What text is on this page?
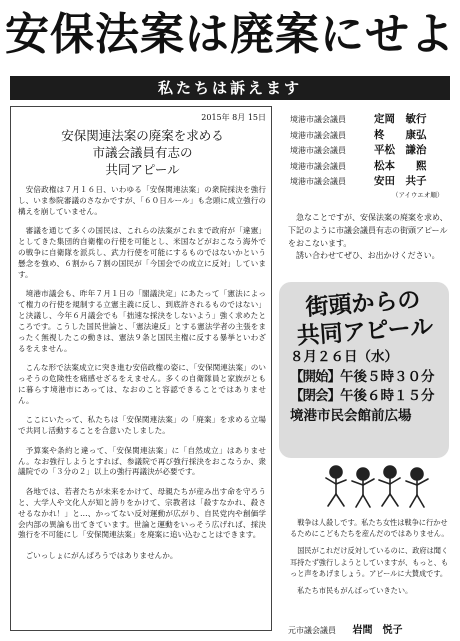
安保法案は廃案にせよ
私たちは訴えます
2015年 8月 15日
安保関連法案の廃案を求める
市議会議員有志の
共同アピール

安倍政権は７月１６日、いわゆる「安保関連法案」の衆院採決を強行し、いま参院審議のさなかですが、「６０日ルール」も念頭に成立強行の構えを崩していません。

審議を通じて多くの国民は、これらの法案がこれまで政府が「違憲」としてきた集団的自衛権の行使を可能とし、米国などがおこなう海外での戦争に自衛隊を派兵し、武力行使を可能にするものではないかという懸念を強め、６割から７割の国民が「今国会での成立に反対」しています。

境港市議会も、昨年７月１日の「閣議決定」にあたって「憲法によって権力の行使を規制する立憲主義に反し、到底許されるものではない」と決議し、今年６月議会でも「拙速な採決をしないよう」強く求めたところです。こうした国民世論と、「憲法違反」とする憲法学者の主張をまったく無視したこの動きは、憲法９条と国民主権に反する暴挙といわざるをえません。

こんな形で法案成立に突き進む安倍政権の姿に、「安保関連法案」のいっそうの危険性を痛感せざるをえません。多くの自衛隊員と家族がともに暮らす境港市にあっては、なおのこと容認できることではありません。

ここにいたって、私たちは「安保関連法案」の「廃案」を求める立場で共同し活動することを合意いたしました。

予算案や条約と違って、「安保関連法案」に「自然成立」はありません。なお強行しようとすれば、参議院で再び強行採決をおこなうか、衆議院での「３分の２」以上の強行再議決が必要です。

各地では、若者たちが未来をかけて、母親たちが産み出す命を守ろうと、大学人や文化人が知と誇りをかけて、宗教者は「殺すなかれ、殺させるなかれ！」と…、かってない反対運動が広がり、自民党内や創価学会内部の異論も出てきています。世論と運動をいっそう広げれば、採決強行を不可能にし「安保関連法案」を廃案に追い込むことはできます。

ごいっしょにがんばろうではありませんか。

元市議会議員 岩間　悦子
境港市議会議員	定岡　敏行
境港市議会議員	柊　　康弘
境港市議会議員	平松　謙治
境港市議会議員	松本　　熙
境港市議会議員	安田　共子
（アイウエオ順）

急なことですが、安保法案の廃案を求め、下記のように市議会議員有志の街頭アピールをおこないます。

誘い合わせてぜひ、お出かけください。

街頭からの
共同アピール
８月２６日（水）
【開始】午後５時３０分
【閉会】午後６時１５分
境港市民会館前広場

戦争は人殺しです。私たち女性は戦争に行かせるためにこどもたちを産んだのではありません。

国民がこれだけ反対しているのに、政府は聞く耳持たず強行しようとしていますが、もっと、もっと声をあげましょう。アピールに大賛成です。

私たち市民もがんばっていきたい。
